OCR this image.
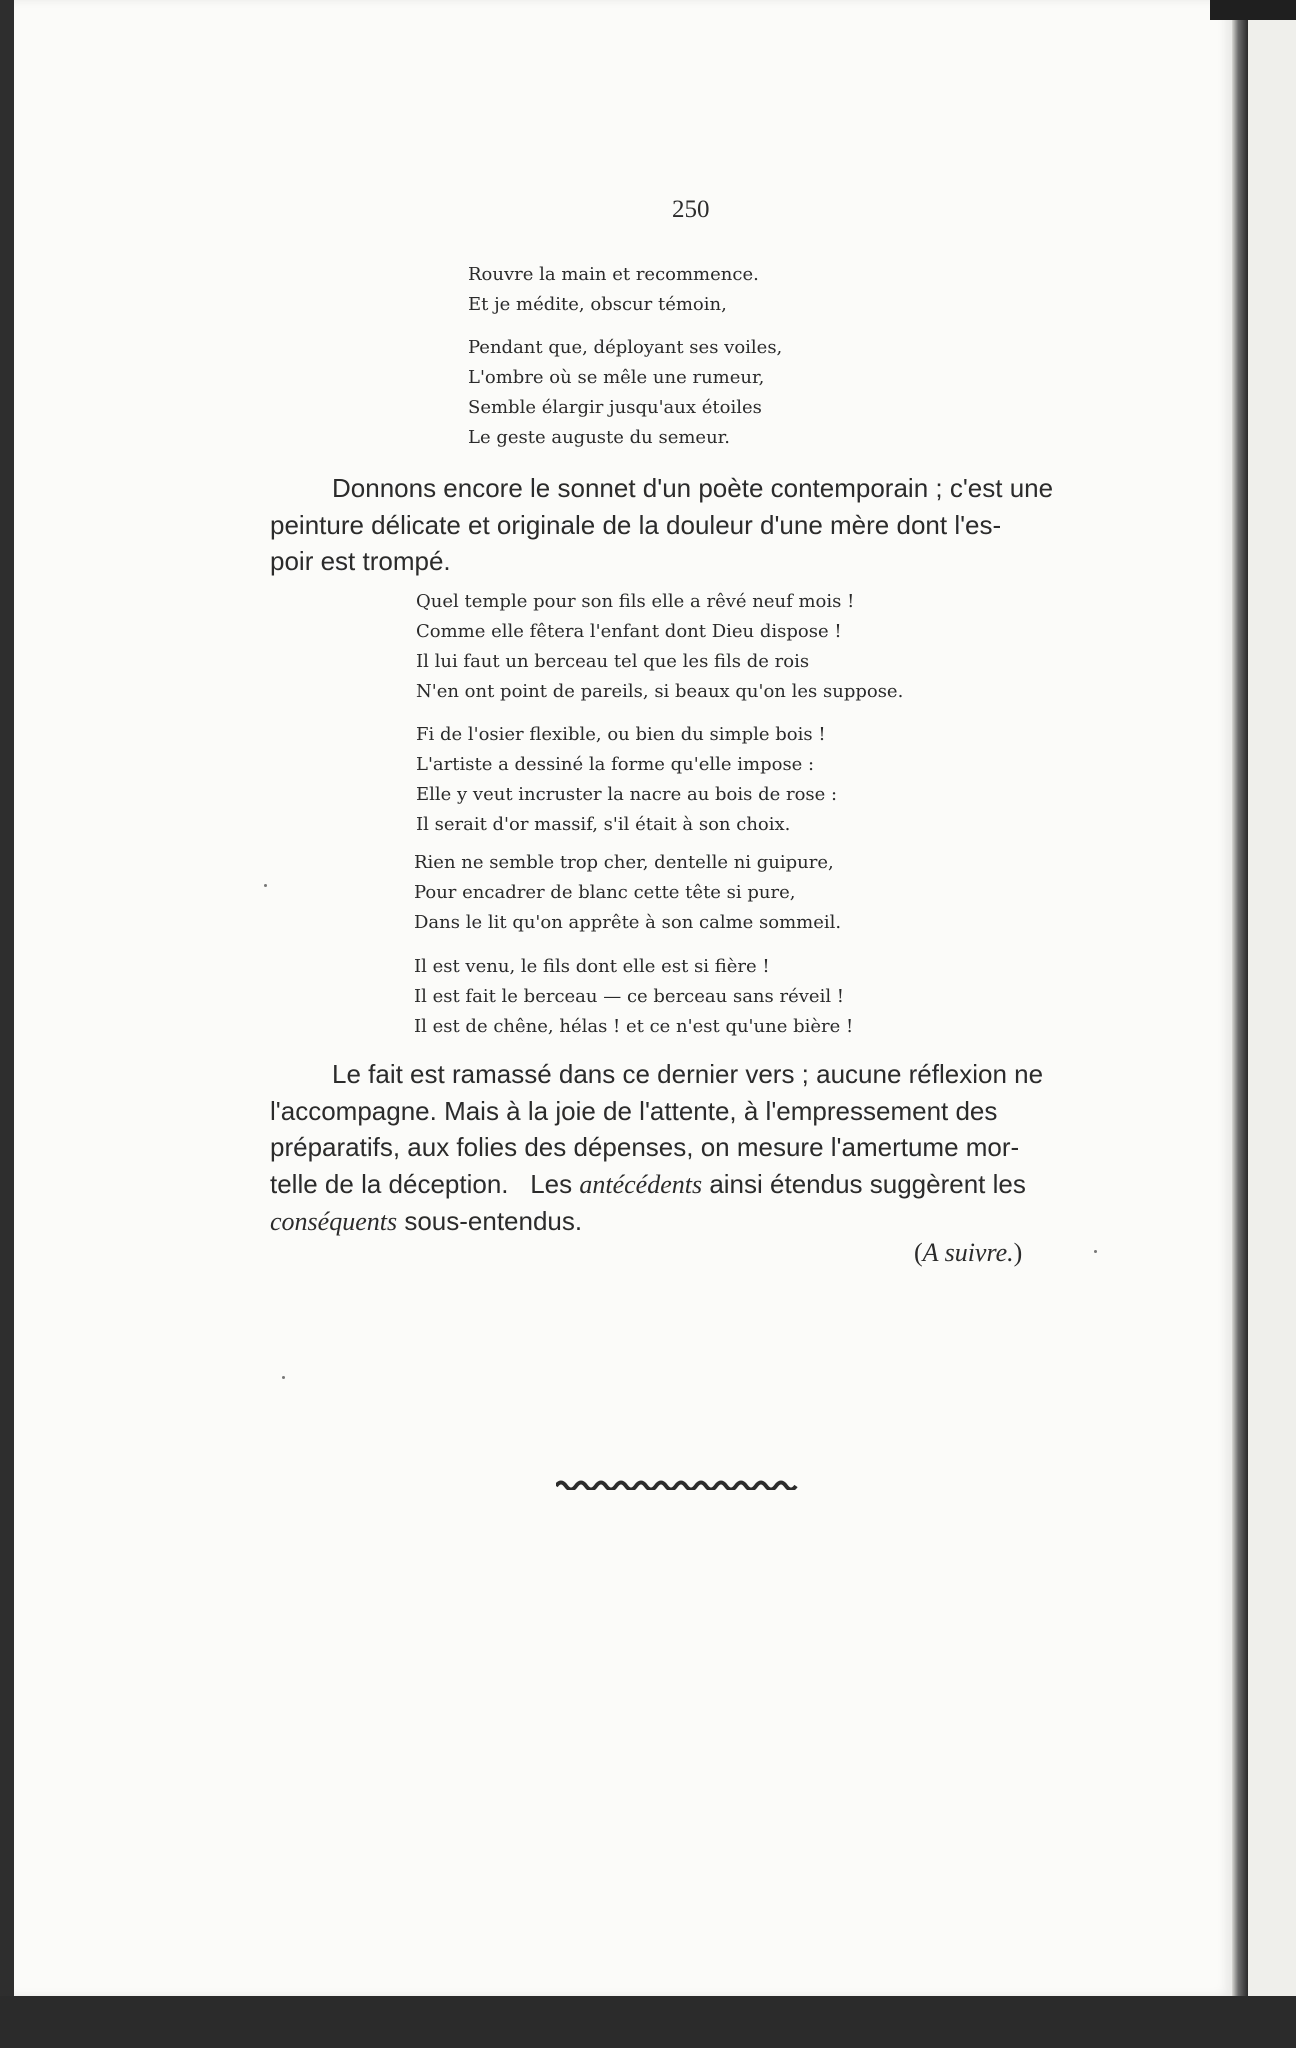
250
Rouvre la main et recommence.
Et je médite, obscur témoin,
Pendant que, déployant ses voiles,
L'ombre où se mêle une rumeur,
Semble élargir jusqu'aux étoiles
Le geste auguste du semeur.
Donnons encore le sonnet d'un poète contemporain ; c'est une
peinture délicate et originale de la douleur d'une mère dont l'es-
poir est trompé.
Quel temple pour son fils elle a rêvé neuf mois !
Comme elle fêtera l'enfant dont Dieu dispose !
Il lui faut un berceau tel que les fils de rois
N'en ont point de pareils, si beaux qu'on les suppose.
Fi de l'osier flexible, ou bien du simple bois !
L'artiste a dessiné la forme qu'elle impose :
Elle y veut incruster la nacre au bois de rose :
Il serait d'or massif, s'il était à son choix.
Rien ne semble trop cher, dentelle ni guipure,
Pour encadrer de blanc cette tête si pure,
Dans le lit qu'on apprête à son calme sommeil.
Il est venu, le fils dont elle est si fière !
Il est fait le berceau — ce berceau sans réveil !
Il est de chêne, hélas ! et ce n'est qu'une bière !
Le fait est ramassé dans ce dernier vers ; aucune réflexion ne
l'accompagne. Mais à la joie de l'attente, à l'empressement des
préparatifs, aux folies des dépenses, on mesure l'amertume mor-
telle de la déception. Les antécédents ainsi étendus suggèrent les
conséquents sous-entendus.
(A suivre.)
